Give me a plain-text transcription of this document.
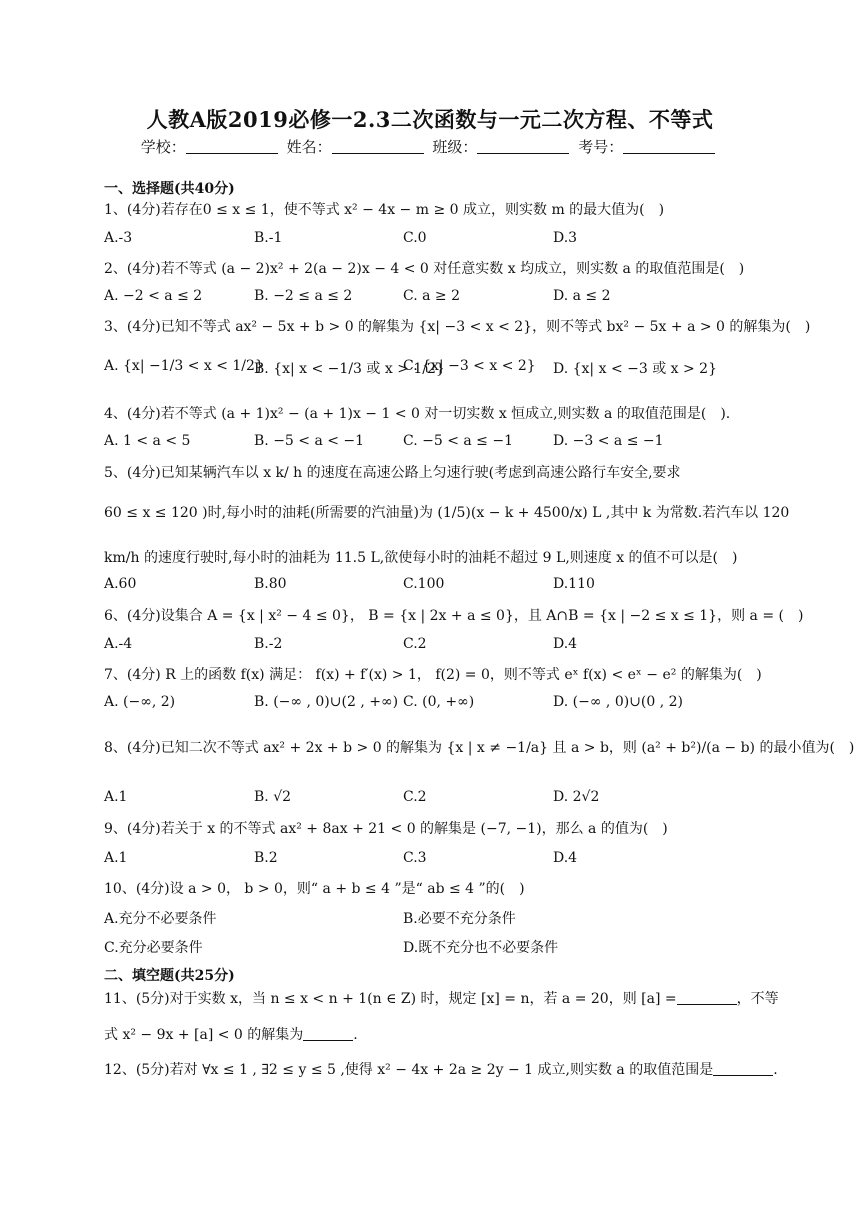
人教A版2019必修一2.3二次函数与一元二次方程、不等式
学校：	姓名：	班级：	考号：
一、选择题(共40分)
1、(4分)若存在0 ≤ x ≤ 1，使不等式 x² − 4x − m ≥ 0 成立，则实数 m 的最大值为(　)
A.-3	B.-1	C.0	D.3
2、(4分)若不等式 (a − 2)x² + 2(a − 2)x − 4 < 0 对任意实数 x 均成立，则实数 a 的取值范围是(　)
A. −2 < a ≤ 2	B. −2 ≤ a ≤ 2	C. a ≥ 2	D. a ≤ 2
3、(4分)已知不等式 ax² − 5x + b > 0 的解集为 {x| −3 < x < 2}，则不等式 bx² − 5x + a > 0 的解集为(　)
A. {x| −1/3 < x < 1/2}
B. {x| x < −1/3 或 x > 1/2}
C. {x| −3 < x < 2} D. {x| x < −3 或 x > 2}
4、(4分)若不等式 (a + 1)x² − (a + 1)x − 1 < 0 对一切实数 x 恒成立,则实数 a 的取值范围是(　).
A. 1 < a < 5	B. −5 < a < −1	C. −5 < a ≤ −1	D. −3 < a ≤ −1
5、(4分)已知某辆汽车以 x k/ h 的速度在高速公路上匀速行驶(考虑到高速公路行车安全,要求
60 ≤ x ≤ 120 )时,每小时的油耗(所需要的汽油量)为 (1/5)(x − k + 4500/x) L ,其中 k 为常数.若汽车以 120
km/h 的速度行驶时,每小时的油耗为 11.5 L,欲使每小时的油耗不超过 9 L,则速度 x 的值不可以是(　)
A.60	B.80	C.100	D.110
6、(4分)设集合 A = {x | x² − 4 ≤ 0}， B = {x | 2x + a ≤ 0}，且 A∩B = {x | −2 ≤ x ≤ 1}，则 a = (　)
A.-4	B.-2	C.2	D.4
7、(4分) R 上的函数 f(x) 满足： f(x) + f′(x) > 1， f(2) = 0，则不等式 eˣ f(x) < eˣ − e² 的解集为(　)
A. (−∞, 2)	B. (−∞ , 0)∪(2 , +∞) C. (0, +∞)	D. (−∞ , 0)∪(0 , 2)
8、(4分)已知二次不等式 ax² + 2x + b > 0 的解集为 {x | x ≠ −1/a} 且 a > b，则 (a² + b²)/(a − b) 的最小值为(　)
A.1	B. √2	C.2	D. 2√2
9、(4分)若关于 x 的不等式 ax² + 8ax + 21 < 0 的解集是 (−7, −1)，那么 a 的值为(　)
A.1	B.2	C.3	D.4
10、(4分)设 a > 0， b > 0，则“ a + b ≤ 4 ”是“ ab ≤ 4 ”的(　)
A.充分不必要条件	B.必要不充分条件
C.充分必要条件	D.既不充分也不必要条件
二、填空题(共25分)
11、(5分)对于实数 x，当 n ≤ x < n + 1(n ∈ Z) 时，规定 [x] = n，若 a = 20，则 [a] =	，不等
式 x² − 9x + [a] < 0 的解集为	.
12、(5分)若对 ∀x ≤ 1 , ∃2 ≤ y ≤ 5 ,使得 x² − 4x + 2a ≥ 2y − 1 成立,则实数 a 的取值范围是	.
